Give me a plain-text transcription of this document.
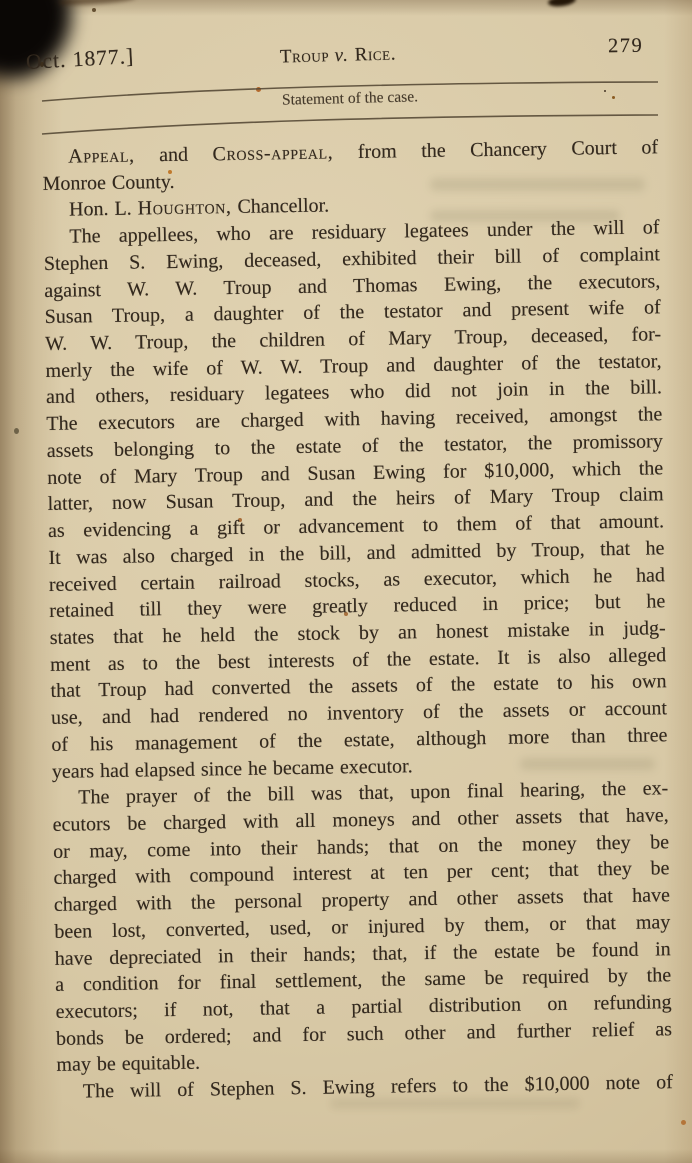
Oct. 1877.]	Troup v. Rice.	279
Statement of the case.
Appeal, and Cross-appeal, from the Chancery Court of
Monroe County.
Hon. L. Houghton, Chancellor.
The appellees, who are residuary legatees under the will of
Stephen S. Ewing, deceased, exhibited their bill of complaint
against W. W. Troup and Thomas Ewing, the executors,
Susan Troup, a daughter of the testator and present wife of
W. W. Troup, the children of Mary Troup, deceased, for-
merly the wife of W. W. Troup and daughter of the testator,
and others, residuary legatees who did not join in the bill.
The executors are charged with having received, amongst the
assets belonging to the estate of the testator, the promissory
note of Mary Troup and Susan Ewing for $10,000, which the
latter, now Susan Troup, and the heirs of Mary Troup claim
as evidencing a gift or advancement to them of that amount.
It was also charged in the bill, and admitted by Troup, that he
received certain railroad stocks, as executor, which he had
retained till they were greatly reduced in price; but he
states that he held the stock by an honest mistake in judg-
ment as to the best interests of the estate. It is also alleged
that Troup had converted the assets of the estate to his own
use, and had rendered no inventory of the assets or account
of his management of the estate, although more than three
years had elapsed since he became executor.
The prayer of the bill was that, upon final hearing, the ex-
ecutors be charged with all moneys and other assets that have,
or may, come into their hands; that on the money they be
charged with compound interest at ten per cent; that they be
charged with the personal property and other assets that have
been lost, converted, used, or injured by them, or that may
have depreciated in their hands; that, if the estate be found in
a condition for final settlement, the same be required by the
executors; if not, that a partial distribution on refunding
bonds be ordered; and for such other and further relief as
may be equitable.
The will of Stephen S. Ewing refers to the $10,000 note of
